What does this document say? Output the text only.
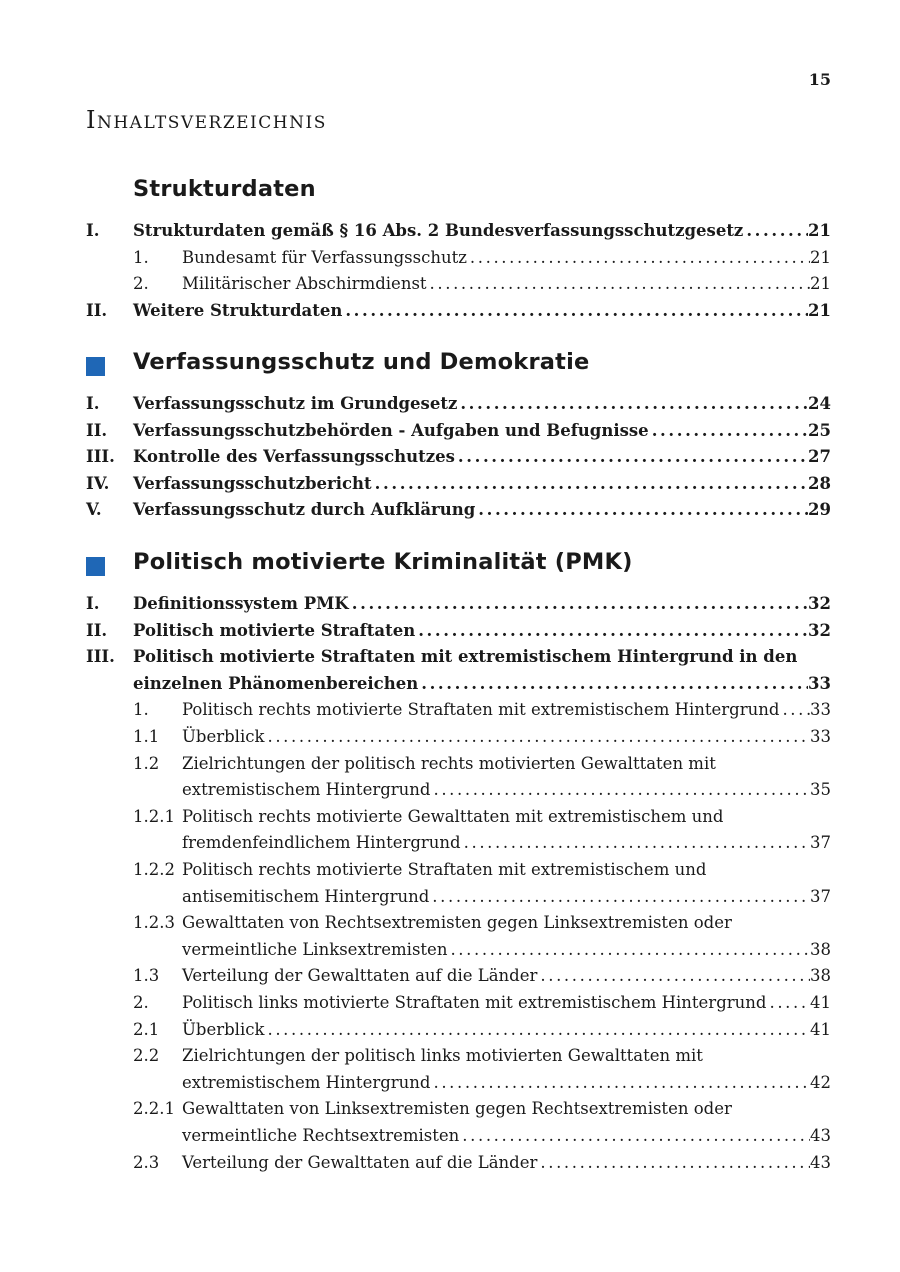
15
Inhaltsverzeichnis
Strukturdaten
I. Strukturdaten gemäß § 16 Abs. 2 Bundesverfassungsschutzgesetz .....	21
1. Bundesamt für Verfassungsschutz .....	21
2. Militärischer Abschirmdienst .....	21
II. Weitere Strukturdaten .....	21
Verfassungsschutz und Demokratie
I. Verfassungsschutz im Grundgesetz .....	24
II. Verfassungsschutzbehörden - Aufgaben und Befugnisse .....	25
III. Kontrolle des Verfassungsschutzes .....	27
IV. Verfassungsschutzbericht .....	28
V. Verfassungsschutz durch Aufklärung .....	29
Politisch motivierte Kriminalität (PMK)
I. Definitionssystem PMK .....	32
II. Politisch motivierte Straftaten .....	32
III. Politisch motivierte Straftaten mit extremistischem Hintergrund in den
einzelnen Phänomenbereichen .....	33
1. Politisch rechts motivierte Straftaten mit extremistischem Hintergrund ..... 33
1.1 Überblick .....	33
1.2 Zielrichtungen der politisch rechts motivierten Gewalttaten mit
extremistischem Hintergrund .....	35
1.2.1 Politisch rechts motivierte Gewalttaten mit extremistischem und
fremdenfeindlichem Hintergrund .....	37
1.2.2 Politisch rechts motivierte Straftaten mit extremistischem und
antisemitischem Hintergrund .....	37
1.2.3 Gewalttaten von Rechtsextremisten gegen Linksextremisten oder
vermeintliche Linksextremisten .....	38
1.3 Verteilung der Gewalttaten auf die Länder .....	38
2. Politisch links motivierte Straftaten mit extremistischem Hintergrund .....	41
2.1 Überblick .....	41
2.2 Zielrichtungen der politisch links motivierten Gewalttaten mit
extremistischem Hintergrund .....	42
2.2.1 Gewalttaten von Linksextremisten gegen Rechtsextremisten oder
vermeintliche Rechtsextremisten .....	43
2.3 Verteilung der Gewalttaten auf die Länder .....	43
